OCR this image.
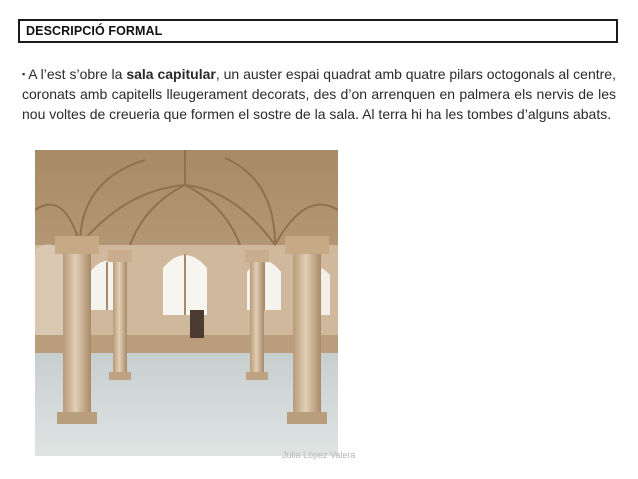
DESCRIPCIÓ FORMAL
▪ A l’est s’obre la sala capitular, un auster espai quadrat amb quatre pilars octogonals al centre, coronats amb capitells lleugerament decorats, des d’on arrenquen en palmera els nervis de les nou voltes de creueria que formen el sostre de la sala. Al terra hi ha les tombes d’alguns abats.
Júlia López Valera
